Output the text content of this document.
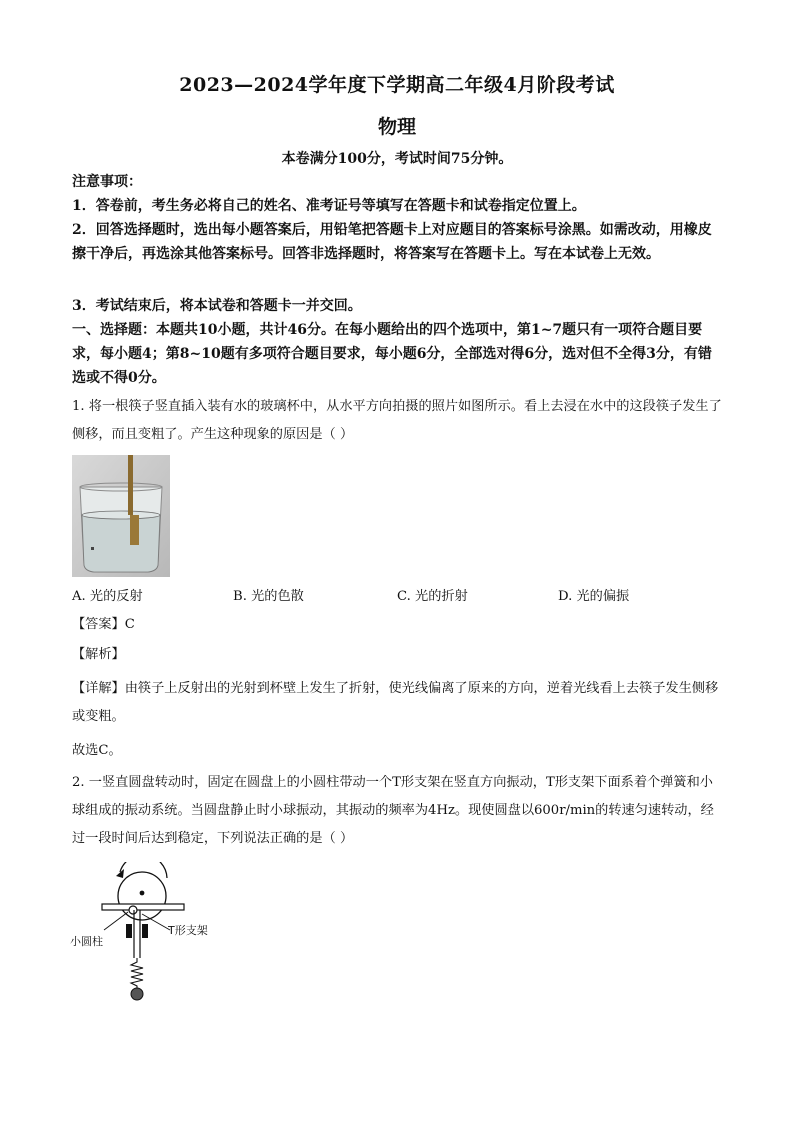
2023—2024学年度下学期高二年级4月阶段考试
物理
本卷满分100分，考试时间75分钟。
注意事项：
1．答卷前，考生务必将自己的姓名、准考证号等填写在答题卡和试卷指定位置上。
2．回答选择题时，选出每小题答案后，用铅笔把答题卡上对应题目的答案标号涂黑。如需改动，用橡皮擦干净后，再选涂其他答案标号。回答非选择题时，将答案写在答题卡上。写在本试卷上无效。
3．考试结束后，将本试卷和答题卡一并交回。
一、选择题：本题共10小题，共计46分。在每小题给出的四个选项中，第1~7题只有一项符合题目要求，每小题4；第8~10题有多项符合题目要求，每小题6分，全部选对得6分，选对但不全得3分，有错选或不得0分。
1. 将一根筷子竖直插入装有水的玻璃杯中，从水平方向拍摄的照片如图所示。看上去浸在水中的这段筷子发生了侧移，而且变粗了。产生这种现象的原因是（ ）
A. 光的反射	B. 光的色散	C. 光的折射	D. 光的偏振
【答案】C
【解析】
【详解】由筷子上反射出的光射到杯壁上发生了折射，使光线偏离了原来的方向，逆着光线看上去筷子发生侧移或变粗。
故选C。
2. 一竖直圆盘转动时，固定在圆盘上的小圆柱带动一个T形支架在竖直方向振动，T形支架下面系着个弹簧和小球组成的振动系统。当圆盘静止时小球振动，其振动的频率为4Hz。现使圆盘以600r/min的转速匀速转动，经过一段时间后达到稳定，下列说法正确的是（ ）
小圆柱
T形支架
